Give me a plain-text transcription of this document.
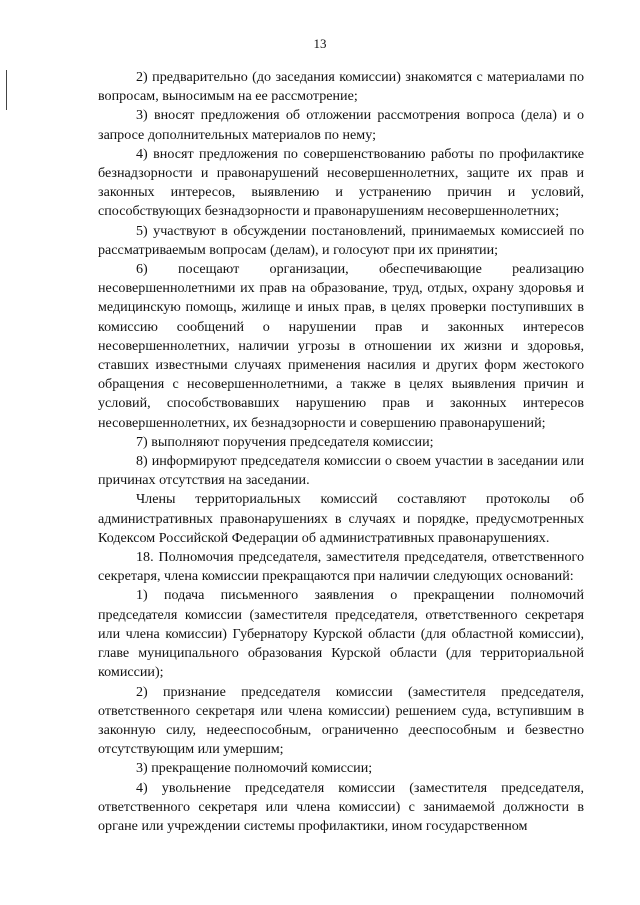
13

2) предварительно (до заседания комиссии) знакомятся с материалами по вопросам, выносимым на ее рассмотрение;

3) вносят предложения об отложении рассмотрения вопроса (дела) и о запросе дополнительных материалов по нему;

4) вносят предложения по совершенствованию работы по профилактике безнадзорности и правонарушений несовершеннолетних, защите их прав и законных интересов, выявлению и устранению причин и условий, способствующих безнадзорности и правонарушениям несовершеннолетних;

5) участвуют в обсуждении постановлений, принимаемых комиссией по рассматриваемым вопросам (делам), и голосуют при их принятии;

6) посещают организации, обеспечивающие реализацию несовершеннолетними их прав на образование, труд, отдых, охрану здоровья и медицинскую помощь, жилище и иных прав, в целях проверки поступивших в комиссию сообщений о нарушении прав и законных интересов несовершеннолетних, наличии угрозы в отношении их жизни и здоровья, ставших известными случаях применения насилия и других форм жестокого обращения с несовершеннолетними, а также в целях выявления причин и условий, способствовавших нарушению прав и законных интересов несовершеннолетних, их безнадзорности и совершению правонарушений;

7) выполняют поручения председателя комиссии;

8) информируют председателя комиссии о своем участии в заседании или причинах отсутствия на заседании.

Члены территориальных комиссий составляют протоколы об административных правонарушениях в случаях и порядке, предусмотренных Кодексом Российской Федерации об административных правонарушениях.

18. Полномочия председателя, заместителя председателя, ответственного секретаря, члена комиссии прекращаются при наличии следующих оснований:

1) подача письменного заявления о прекращении полномочий председателя комиссии (заместителя председателя, ответственного секретаря или члена комиссии) Губернатору Курской области (для областной комиссии), главе муниципального образования Курской области (для территориальной комиссии);

2) признание председателя комиссии (заместителя председателя, ответственного секретаря или члена комиссии) решением суда, вступившим в законную силу, недееспособным, ограниченно дееспособным и безвестно отсутствующим или умершим;

3) прекращение полномочий комиссии;

4) увольнение председателя комиссии (заместителя председателя, ответственного секретаря или члена комиссии) с занимаемой должности в органе или учреждении системы профилактики, ином государственном
